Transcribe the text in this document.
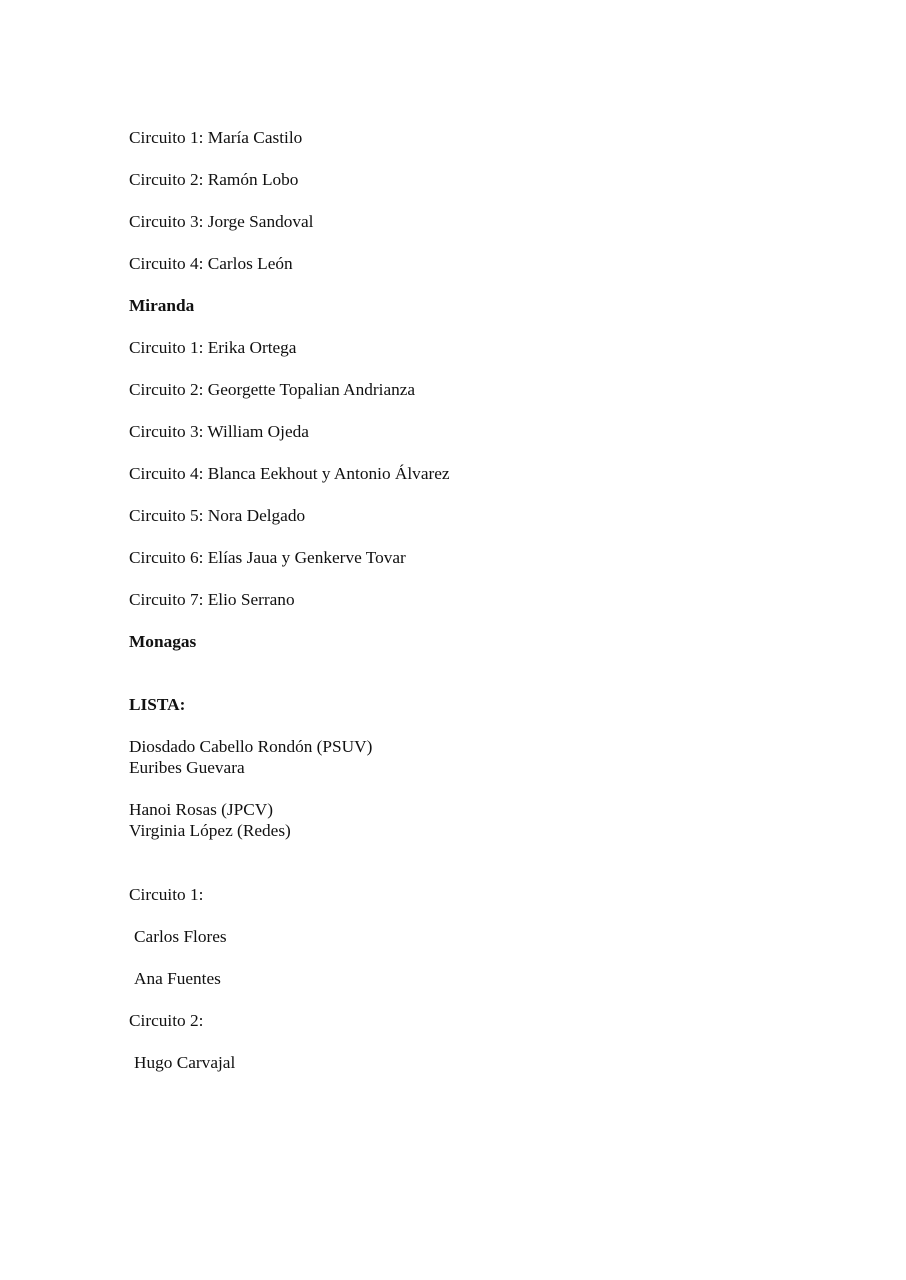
Circuito 1: María Castilo
Circuito 2: Ramón Lobo
Circuito 3: Jorge Sandoval
Circuito 4: Carlos León
Miranda
Circuito 1: Erika Ortega
Circuito 2: Georgette Topalian Andrianza
Circuito 3: William Ojeda
Circuito 4: Blanca Eekhout y Antonio Álvarez
Circuito 5: Nora Delgado
Circuito 6: Elías Jaua y Genkerve Tovar
Circuito 7: Elio Serrano
Monagas
LISTA:
Diosdado Cabello Rondón (PSUV)
Euribes Guevara
Hanoi Rosas (JPCV)
Virginia López (Redes)
Circuito 1:
Carlos Flores
Ana Fuentes
Circuito 2:
Hugo Carvajal
